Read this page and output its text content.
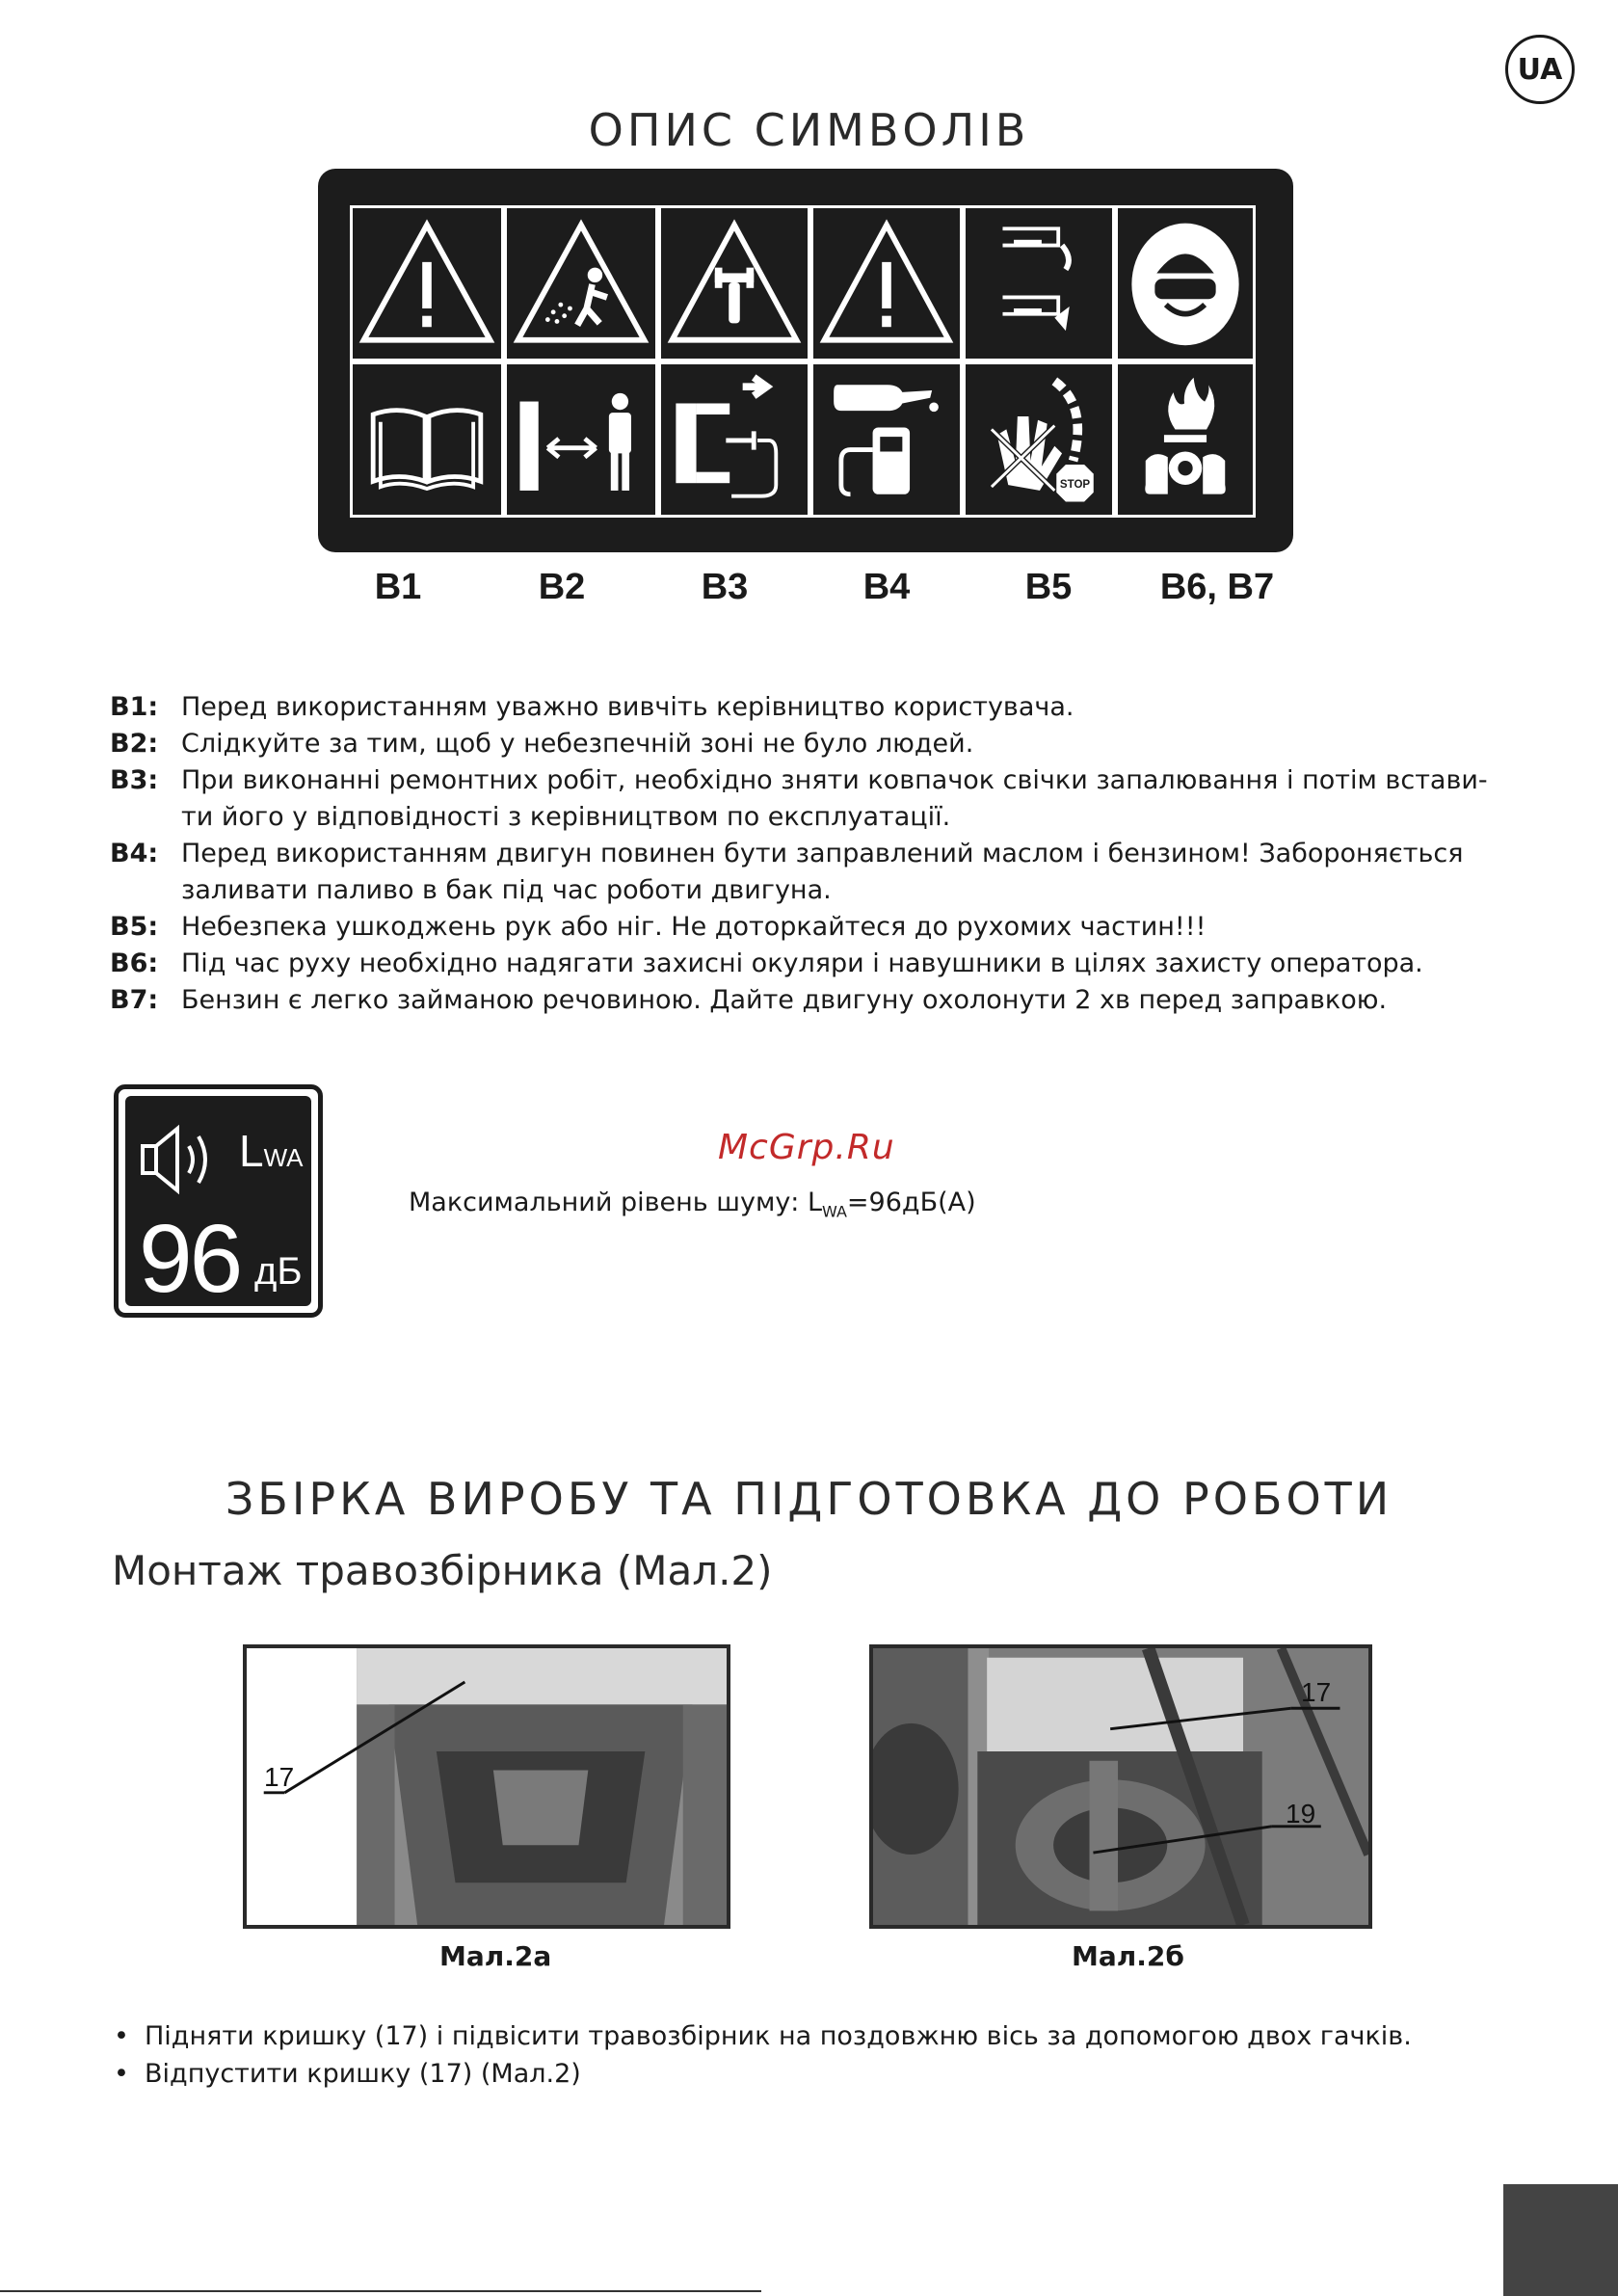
UA
ОПИС СИМВОЛІВ
STOP
B1	B2	B3	B4	B5	B6, B7
B1: Перед використанням уважно вивчіть керівництво користувача.
B2: Слідкуйте за тим, щоб у небезпечній зоні не було людей.
B3: При виконанні ремонтних робіт, необхідно зняти ковпачок свічки запалювання і потім встави-
ти його у відповідності з керівництвом по експлуатації.
B4: Перед використанням двигун повинен бути заправлений маслом і бензином! Забороняється
заливати паливо в бак під час роботи двигуна.
B5: Небезпека ушкоджень рук або ніг. Не доторкайтеся до рухомих частин!!!
B6: Під час руху необхідно надягати захисні окуляри і навушники в цілях захисту оператора.
B7: Бензин є легко займаною речовиною. Дайте двигуну охолонути 2 хв перед заправкою.
LWA
96 дБ
McGrp.Ru
Максимальний рівень шуму: $L_{WA}=96дБ(А)$
ЗБІРКА ВИРОБУ ТА ПІДГОТОВКА ДО РОБОТИ
Монтаж травозбірника (Мал.2)
17
Мал.2а
17
19
Мал.2б
• Підняти кришку (17) і підвісити травозбірник на поздовжню вісь за допомогою двох гачків.
• Відпустити кришку (17) (Мал.2)
